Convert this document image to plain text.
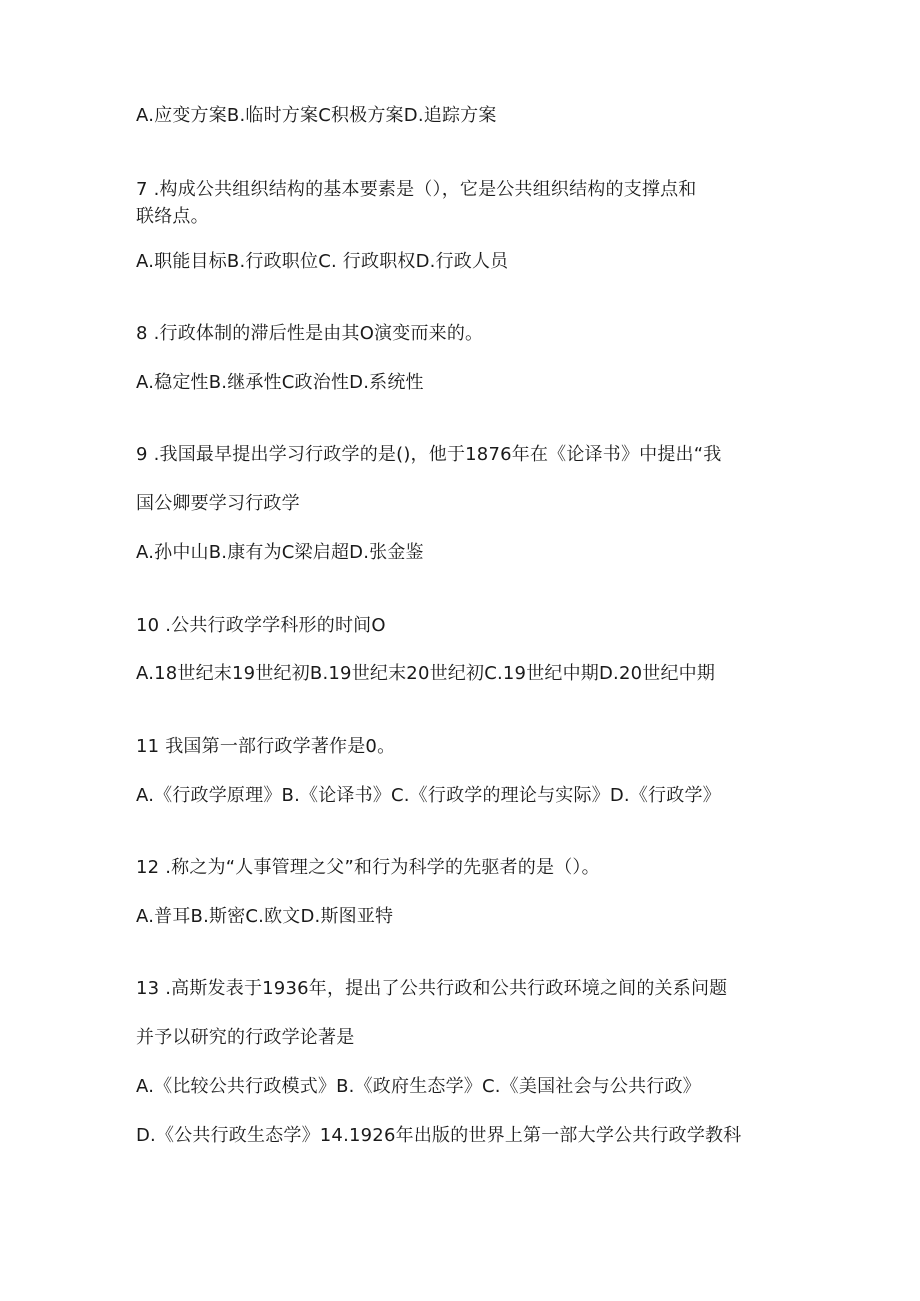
A.应变方案B.临时方案C积极方案D.追踪方案
7 .构成公共组织结构的基本要素是（），它是公共组织结构的支撑点和
联络点。
A.职能目标B.行政职位C. 行政职权D.行政人员
8 .行政体制的滞后性是由其O演变而来的。
A.稳定性B.继承性C政治性D.系统性
9 .我国最早提出学习行政学的是()，他于1876年在《论译书》中提出“我
国公卿要学习行政学
A.孙中山B.康有为C梁启超D.张金鉴
10 .公共行政学学科形的时间O
A.18世纪末19世纪初B.19世纪末20世纪初C.19世纪中期D.20世纪中期
11 我国第一部行政学著作是0。
A.《行政学原理》B.《论译书》C.《行政学的理论与实际》D.《行政学》
12 .称之为“人事管理之父”和行为科学的先驱者的是（）。
A.普耳B.斯密C.欧文D.斯图亚特
13 .高斯发表于1936年，提出了公共行政和公共行政环境之间的关系问题
并予以研究的行政学论著是
A.《比较公共行政模式》B.《政府生态学》C.《美国社会与公共行政》
D.《公共行政生态学》14.1926年出版的世界上第一部大学公共行政学教科
